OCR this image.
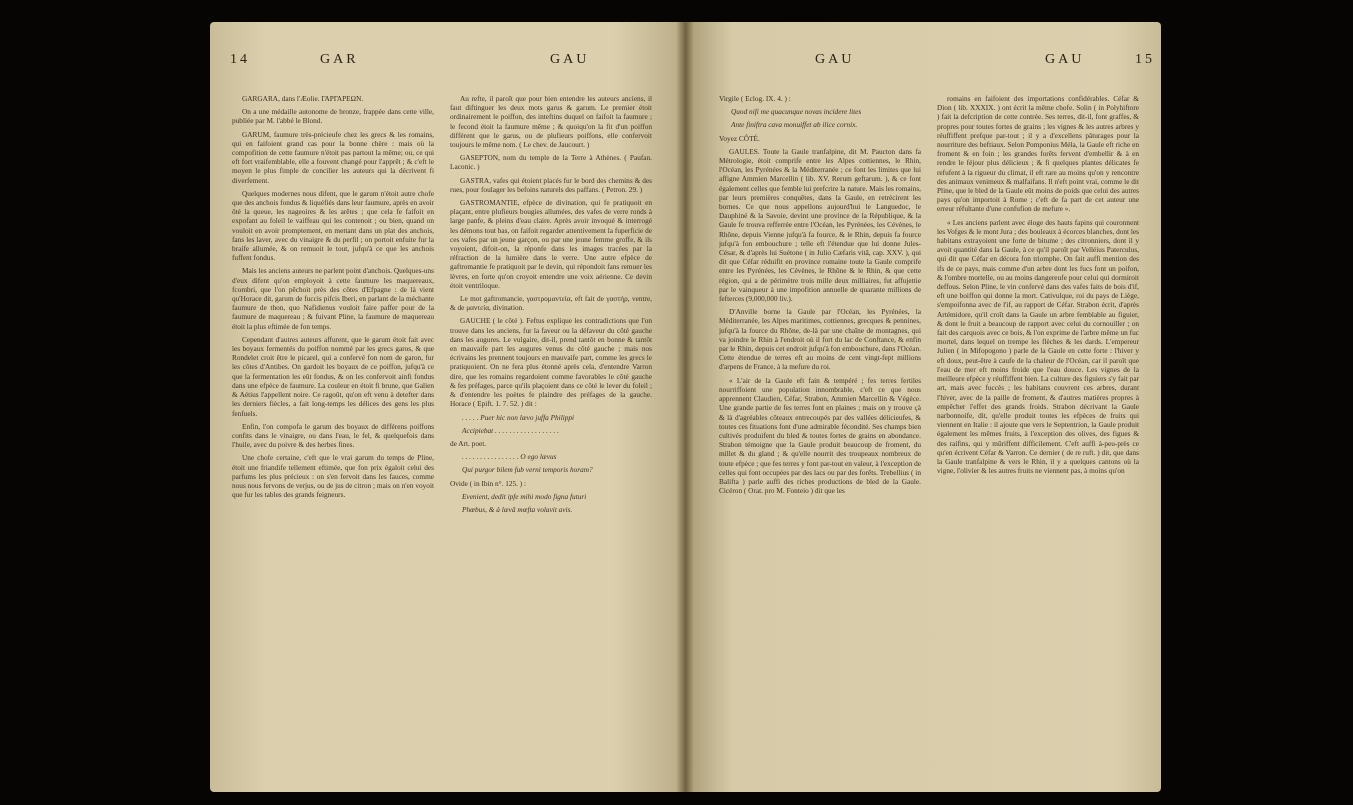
14	GAR	GAU

GARGARA, dans l'Æolie. ΓΑΡΓΑΡΕΩΝ.

On a une médaille autonome de bronze, frappée dans cette ville, publiée par M. l'abbé le Blond.

GARUM, faumure très-précieufe chez les grecs & les romains, qui en faifoient grand cas pour la bonne chère : mais où la compofition de cette faumure n'étoit pas partout la même; ou, ce qui eft fort vraifemblable, elle a fouvent changé pour l'apprêt ; & c'eft le moyen le plus fimple de concilier les auteurs qui la décrivent fi diverfement.

Quelques modernes nous difent, que le garum n'étoit autre chofe que des anchois fondus & liquéfiés dans leur faumure, après en avoir ôté la queue, les nageoires & les arêtes ; que cela fe faifoit en expofant au foleil le vaiffeau qui les contenoit ; ou bien, quand on vouloit en avoir promptement, en mettant dans un plat des anchois, fans les laver, avec du vinaigre & du perfil ; on portoit enfuite fur la braife allumée, & on remuoit le tout, jufqu'à ce que les anchois fuffent fondus.

Mais les anciens auteurs ne parlent point d'anchois. Quelques-uns d'eux difent qu'on employoit à cette faumure les maquereaux, fcombri, que l'on pêchoit près des côtes d'Efpagne : de là vient qu'Horace dit, garum de fuccis pifcis Iberi, en parlant de la méchante faumure de thon, quo Nafidienus vouloit faire paffer pour de la faumure de maquereau ; & fuivant Pline, la faumure de maquereau étoit la plus eftimée de fon temps.

Cependant d'autres auteurs affurent, que le garum étoit fait avec les boyaux fermentés du poiffon nommé par les grecs garos, & que Rondelet croit être le picarel, qui a confervé fon nom de garon, fur les côtes d'Antibes. On gardoit les boyaux de ce poiffon, jufqu'à ce que la fermentation les eût fondus, & on les confervoit ainfi fondus dans une efpèce de faumure. La couleur en étoit fi brune, que Galien & Aétius l'appellent noire. Ce ragoût, qu'on eft venu à detefter dans les derniers fiècles, a fait long-temps les délices des gens les plus fenfuels.

Enfin, l'on compofa le garum des boyaux de différens poiffons confits dans le vinaigre, ou dans l'eau, le fel, & quelquefois dans l'huile, avec du poivre & des herbes fines.

Une chofe certaine, c'eft que le vrai garum du temps de Pline, étoit une friandife tellement eftimée, que fon prix égaloit celui des parfums les plus précieux : on s'en fervoit dans les fauces, comme nous nous fervons de verjus, ou de jus de citron ; mais on n'en voyoit que fur les tables des grands feigneurs.

Au refte, il paroît que pour bien entendre les auteurs anciens, il faut diftinguer les deux mots garus & garum. Le premier étoit ordinairement le poiffon, des inteftins duquel on faifoit la faumure ; le fecond étoit la faumure même ; & quoiqu'on la fit d'un poiffon différent que le garus, ou de plufieurs poiffons, elle confervoit toujours le même nom. ( Le chev. de Jaucourt. )

GASEPTON, nom du temple de la Terre à Athènes. ( Paufan. Laconic. )

GASTRA, vafes qui étoient placés fur le bord des chemins & des rues, pour foulager les befoins naturels des paffans. ( Petron. 29. )

GASTROMANTIE, efpèce de divination, qui fe pratiquoit en plaçant, entre plufieurs bougies allumées, des vafes de verre ronds à large panfe, & pleins d'eau claire. Après avoir invoqué & interrogé les démons tout bas, on faifoit regarder attentivement la fuperficie de ces vafes par un jeune garçon, ou par une jeune femme groffe, & ils voyoient, difoit-on, la réponfe dans les images tracées par la réfraction de la lumière dans le verre. Une autre efpèce de gaftromantie fe pratiquoit par le devin, qui répondoit fans remuer les lèvres, en forte qu'on croyoit entendre une voix aérienne. Ce devin étoit ventriloque.

Le mot gaftromancie, γαστρομαντεία, eft fait de γαστήρ, ventre, & de μαντεία, divination.

GAUCHE ( le côté ). Feftus explique les contradictions que l'on trouve dans les anciens, fur la faveur ou la défaveur du côté gauche dans les augures. Le vulgaire, dit-il, prend tantôt en bonne & tantôt en mauvaife part les augures venus du côté gauche ; mais nos écrivains les prennent toujours en mauvaife part, comme les grecs le pratiquoient. On ne fera plus étonné après cela, d'entendre Varron dire, que les romains regardoient comme favorables le côté gauche & fes préfages, parce qu'ils plaçoient dans ce côté le lever du foleil ; & d'entendre les poètes fe plaindre des préfages de la gauche. Horace ( Epift. 1. 7. 52. ) dit :

. . . . . Puer hic non lævo juffa Philippi

Accipiebat . . . . . . . . . . . . . . . . . .

de Art. poet.

. . . . . . . . . . . . . . . . O ego lævus

Qui purgor bilem fub verni temporis horam?

Ovide ( in Ibin n°. 125. ) :

Evenient, dedit ipfe mihi modo figna futuri

Phœbus, & à lævâ mœfta volavit avis.

GAU	GAU	15

Virgile ( Eclog. IX. 4. ) :

Quod nifi me quacunque novas incidere lites

Ante finiftra cava monuiffet ab ilice cornix.

Voyez CÔTÉ.

GAULES. Toute la Gaule tranfalpine, dit M. Paucton dans fa Métrologie, étoit comprife entre les Alpes cottiennes, le Rhin, l'Océan, les Pyrénées & la Méditerranée ; ce font les limites que lui affigne Ammien Marcellin ( lib. XV. Rerum geftarum. ), & ce font également celles que femble lui prefcrire la nature. Mais les romains, par leurs premières conquêtes, dans la Gaule, en retrécirent les bornes. Ce que nous appellons aujourd'hui le Languedoc, le Dauphiné & la Savoie, devint une province de la République, & la Gaule fe trouva refferrée entre l'Océan, les Pyrénées, les Cévènes, le Rhône, depuis Vienne jufqu'à fa fource, & le Rhin, depuis fa fource jufqu'à fon embouchure ; telle eft l'étendue que lui donne Jules-César, & d'après lui Suétone ( in Julio Cæfaris vitâ, cap. XXV. ), qui dit que Céfar réduifit en province romaine toute la Gaule comprife entre les Pyrénées, les Cévènes, le Rhône & le Rhin, & que cette région, qui a de périmètre trois mille deux milliaires, fut affujettie par le vainqueur à une impofition annuelle de quarante millions de fefterces (9,000,000 liv.).

D'Anville borne la Gaule par l'Océan, les Pyrénées, la Méditerranée, les Alpes maritimes, cottiennes, grecques & pennines, jufqu'à la fource du Rhône, de-là par une chaîne de montagnes, qui va joindre le Rhin à l'endroit où il fort du lac de Conftance, & enfin par le Rhin, depuis cet endroit jufqu'à fon embouchure, dans l'Océan. Cette étendue de terres eft au moins de cent vingt-fept millions d'arpens de France, à la mefure du roi.

« L'air de la Gaule eft fain & tempéré ; fes terres fertiles nourriffoient une population innombrable, c'eft ce que nous apprennent Claudien, Céfar, Strabon, Ammien Marcellin & Végèce. Une grande partie de fes terres font en plaines ; mais on y trouve çà & là d'agréables côteaux entrecoupés par des vallées délicieufes, & toutes ces fituations font d'une admirable fécondité. Ses champs bien cultivés produifent du bled & toutes fortes de grains en abondance. Strabon témoigne que la Gaule produit beaucoup de froment, du millet & du gland ; & qu'elle nourrit des troupeaux nombreux de toute efpèce ; que fes terres y font par-tout en valeur, à l'exception de celles qui font occupées par des lacs ou par des forêts. Trebellius ( in Balifta ) parle auffi des riches productions de bled de la Gaule. Cicéron ( Orat. pro M. Fonteio ) dit que les

romains en faifoient des importations confidérables. Céfar & Dion ( lib. XXXIX. ) ont écrit la même chofe. Solin ( in Polyhiftore ) fait la defcription de cette contrée. Ses terres, dit-il, font graffes, & propres pour toutes fortes de grains ; les vignes & les autres arbres y réuffiffent prefque par-tout ; il y a d'excellens pâturages pour la nourriture des beftiaux. Selon Pomponius Méla, la Gaule eft riche en froment & en foin ; les grandes forêts fervent d'embellir & à en rendre le féjour plus délicieux ; & fi quelques plantes délicates fe refufent à la rigueur du climat, il eft rare au moins qu'on y rencontre des animaux venimeux & malfaifans. Il n'eft point vrai, comme le dit Pline, que le bled de la Gaule eût moins de poids que celui des autres pays qu'on importoit à Rome ; c'eft de fa part de cet auteur une erreur réfultante d'une confufion de mefure ».

« Les anciens parlent avec éloge des hauts fapins qui couronnent les Vofges & le mont Jura ; des bouleaux à écorces blanches, dont les habitans extrayoient une forte de bitume ; des citronniers, dont il y avoit quantité dans la Gaule, à ce qu'il paroît par Velléius Paterculus, qui dit que Céfar en décora fon triomphe. On fait auffi mention des ifs de ce pays, mais comme d'un arbre dont les fucs font un poifon, & l'ombre mortelle, ou au moins dangereufe pour celui qui dormiroit deffous. Selon Pline, le vin confervé dans des vafes faits de bois d'if, eft une boiffon qui donne la mort. Cativulque, roi du pays de Liège, s'empoifonna avec de l'if, au rapport de Céfar. Strabon écrit, d'après Artémidore, qu'il croît dans la Gaule un arbre femblable au figuier, & dont le fruit a beaucoup de rapport avec celui du cornouiller ; on fait des carquois avec ce bois, & l'on exprime de l'arbre même un fuc mortel, dans lequel on trempe les flèches & les dards. L'empereur Julien ( in Mifopogono ) parle de la Gaule en cette forte : l'hiver y eft doux, peut-être à caufe de la chaleur de l'Océan, car il paroît que l'eau de mer eft moins froide que l'eau douce. Les vignes de la meilleure efpèce y réuffiffent bien. La culture des figuiers s'y fait par art, mais avec fuccès ; les habitans couvrent ces arbres, durant l'hiver, avec de la paille de froment, & d'autres matières propres à empêcher l'effet des grands froids. Strabon décrivant la Gaule narbonnoife, dit, qu'elle produit toutes les efpèces de fruits qui viennent en Italie : il ajoute que vers le Septentrion, la Gaule produit également les mêmes fruits, à l'exception des olives, des figues & des raifins, qui y mûriffent difficilement. C'eft auffi à-peu-près ce qu'en écrivent Céfar & Varron. Ce dernier ( de re ruft. ) dit, que dans la Gaule tranfalpine & vers le Rhin, il y a quelques cantons où la vigne, l'olivier & les autres fruits ne viennent pas, à moins qu'on
